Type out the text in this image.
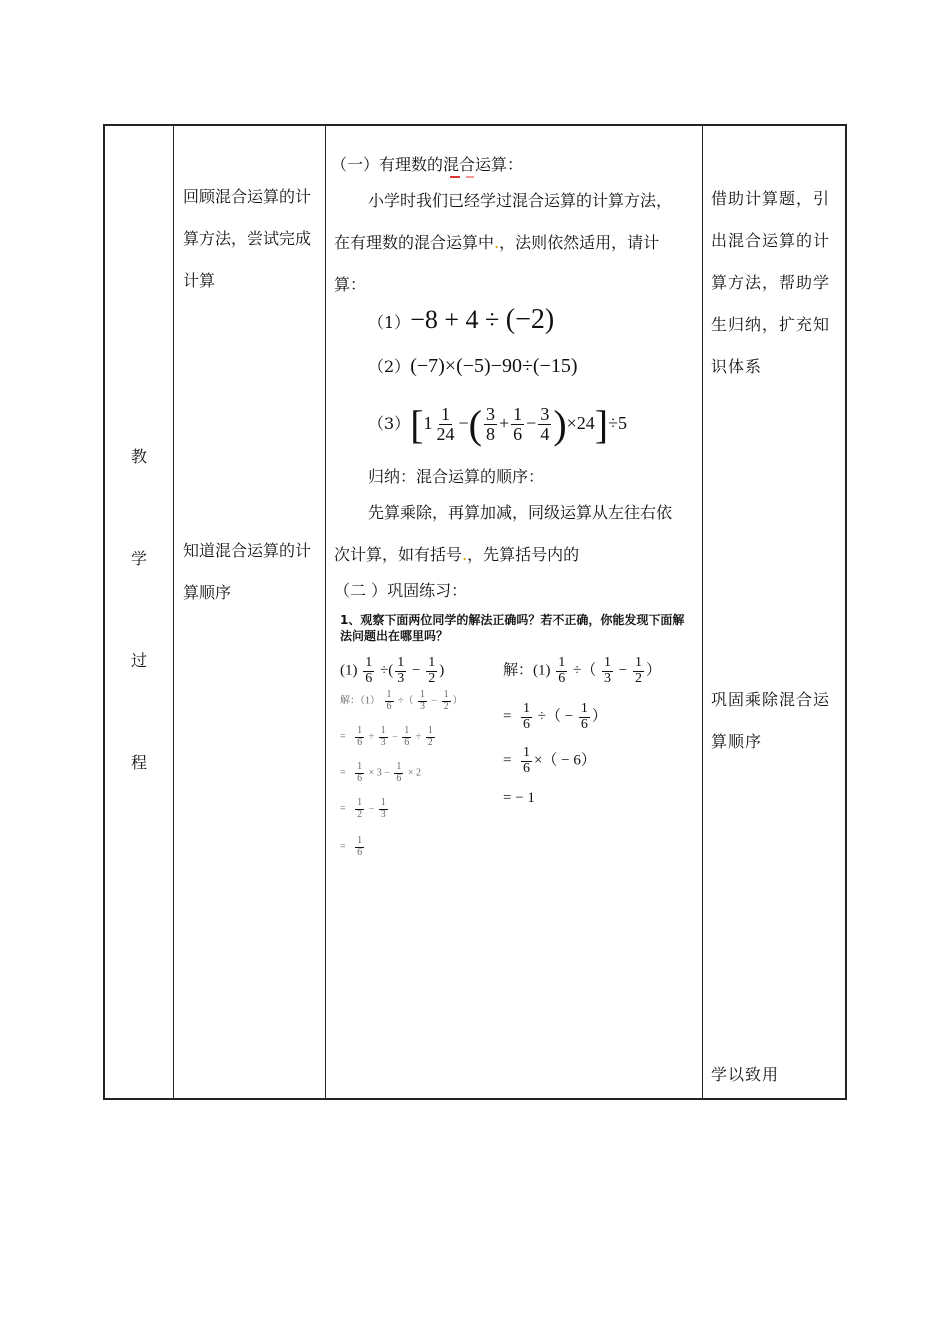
教
学
过
程
回顾混合运算的计算方法，尝试完成计算
知道混合运算的计算顺序
借助计算题，引出混合运算的计算方法，帮助学生归纳，扩充知识体系
巩固乘除混合运算顺序
学以致用
（一）有理数的混合运算：
小学时我们已经学过混合运算的计算方法，
在有理数的混合运算中.，法则依然适用，请计
算：
（1）−8 + 4 ÷ (−2)
（2）(−7)×(−5)−90÷(−15)
$(3)[1 \frac{1}{24}$ −( $\frac{3}{8} + \frac{1}{6} - \frac{3}{4} )\times 24]\div 5$
归纳：混合运算的顺序：
先算乘除，再算加减，同级运算从左往右依
次计算，如有括号.，先算括号内的
（二 ）巩固练习：
1、观察下面两位同学的解法正确吗？若不正确，你能发现下面解法问题出在哪里吗？
$(1) \frac{1}{6}$ ÷( $\frac{1}{3} - \frac{1}{2}$ )
解：$(1) \frac{1}{6}$ ÷（ $\frac{1}{3} - \frac{1}{2}$ ）
= $\frac{1}{6} \div \frac{1}{3} - \frac{1}{6} \div \frac{1}{2}$
= $\frac{1}{6} \times 3 - \frac{1}{6} \times 2$
= $\frac{1}{2} - \frac{1}{3}$
= $\frac{1}{6}$
解：$(1) \frac{1}{6}$ ÷（ $\frac{1}{3} - \frac{1}{2}$ ）
= $\frac{1}{6}$ ÷（ − $\frac{1}{6}$ ）
= $\frac{1}{6}$ ×（ − 6）
= − 1
